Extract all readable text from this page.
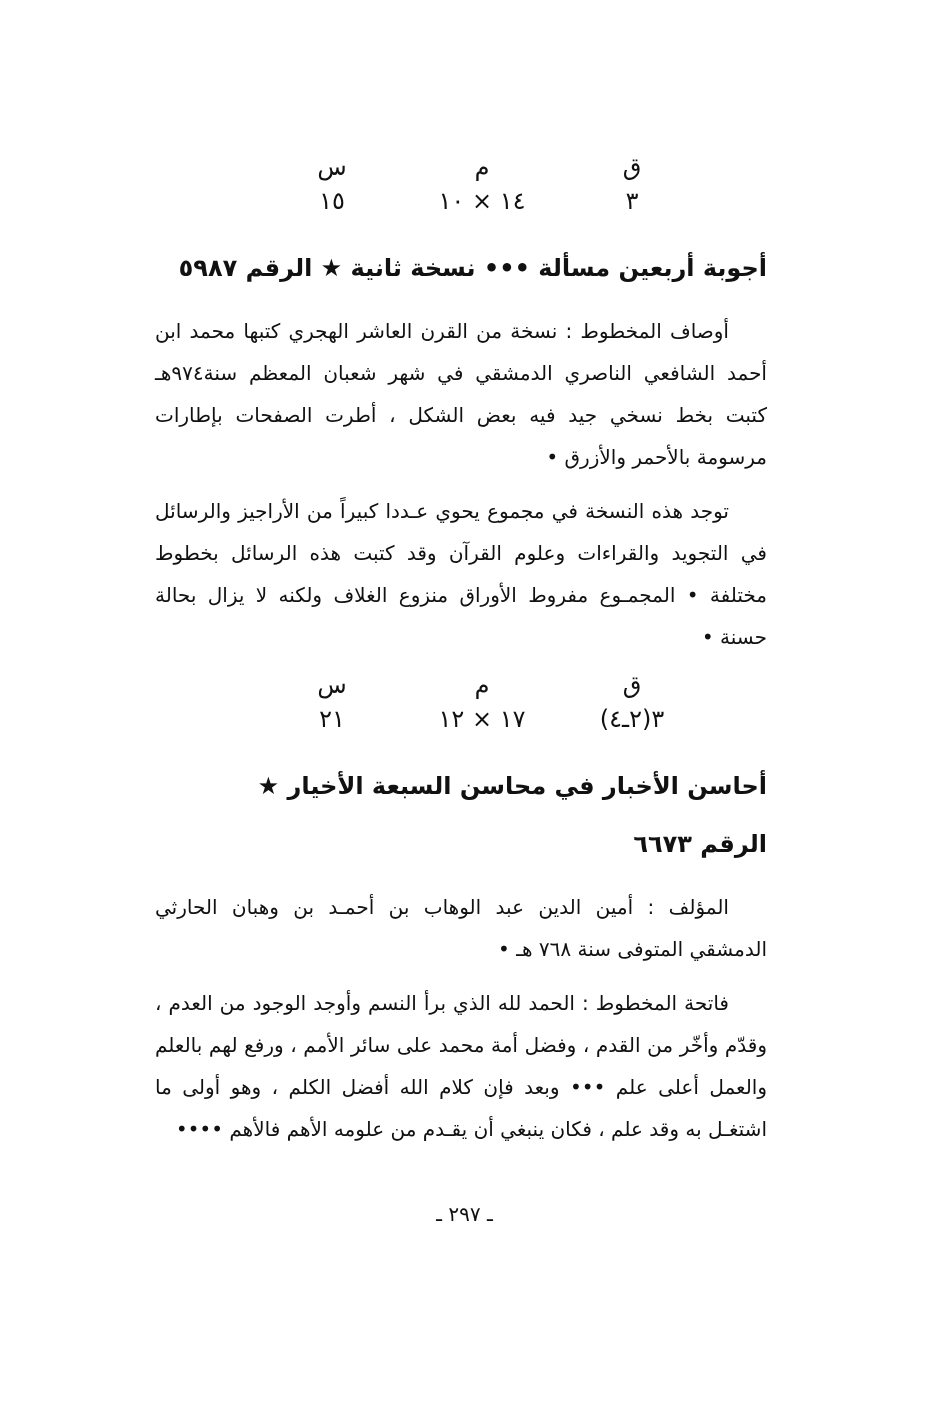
ق
٣
م
١٤ × ١٠
س
١٥

أجوبة أربعين مسألة ••• نسخة ثانية ★ الرقم ٥٩٨٧

أوصاف المخطوط : نسخة من القرن العاشر الهجري كتبها محمد ابن أحمد الشافعي الناصري الدمشقي في شهر شعبان المعظم سنة٩٧٤هـ كتبت بخط نسخي جيد فيه بعض الشكل ، أطرت الصفحات بإطارات مرسومة بالأحمر والأزرق •

توجد هذه النسخة في مجموع يحوي عـددا كبيراً من الأراجيز والرسائل في التجويد والقراءات وعلوم القرآن وقد كتبت هذه الرسائل بخطوط مختلفة • المجمـوع مفروط الأوراق منزوع الغلاف ولكنه لا يزال بحالة حسنة •

ق
٣(٢ـ٤)
م
١٧ × ١٢
س
٢١

أحاسن الأخبار في محاسن السبعة الأخيار ★

الرقم ٦٦٧٣

المؤلف : أمين الدين عبد الوهاب بن أحمـد بن وهبان الحارثي الدمشقي المتوفى سنة ٧٦٨ هـ •

فاتحة المخطوط : الحمد لله الذي برأ النسم وأوجد الوجود من العدم ، وقدّم وأخّر من القدم ، وفضل أمة محمد على سائر الأمم ، ورفع لهم بالعلم والعمل أعلى علم ••• وبعد فإن كلام الله أفضل الكلم ، وهو أولى ما اشتغـل به وقد علم ، فكان ينبغي أن يقـدم من علومه الأهم فالأهم ••••

ـ ٢٩٧ ـ
